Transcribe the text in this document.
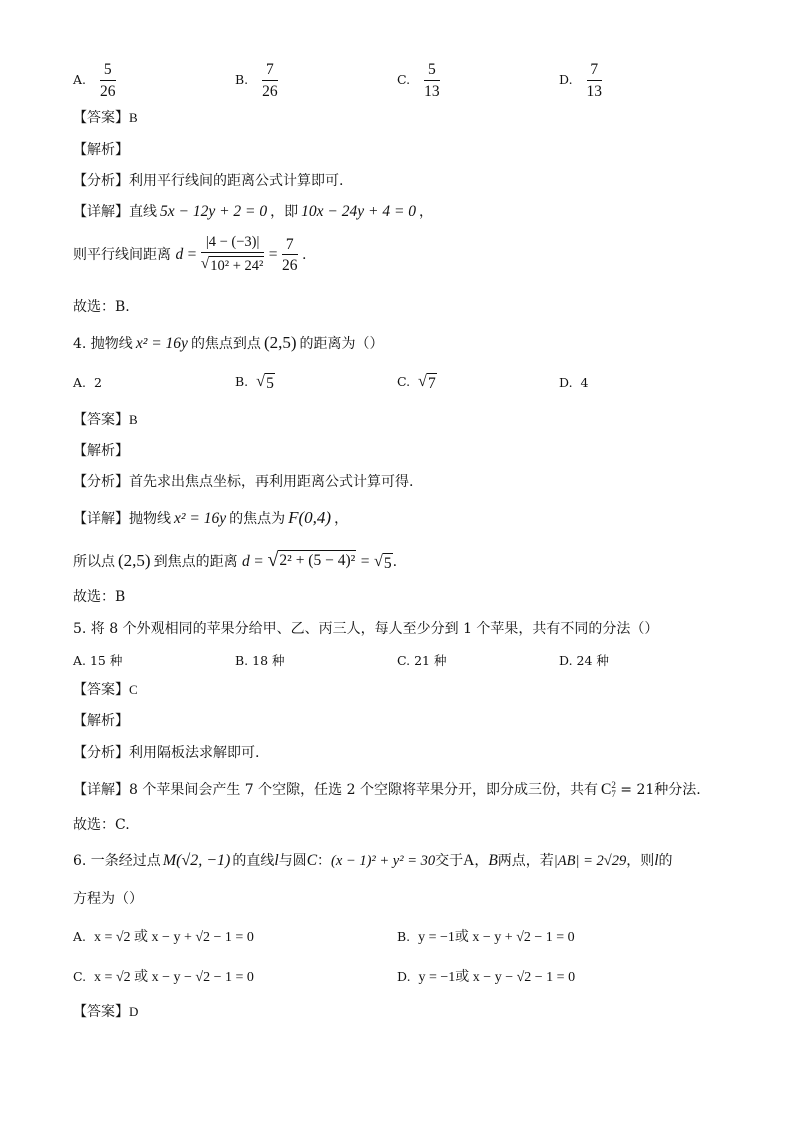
A. $\frac{5}{26}$	B. $\frac{7}{26}$	C. $\frac{5}{13}$	D. $\frac{7}{13}$
【答案】B
【解析】
【分析】利用平行线间的距离公式计算即可.
【详解】直线 5x − 12y + 2 = 0 ，即 10x − 24y + 4 = 0 ，
则平行线间距离 $d = \frac{|4 - (-3)|}{\text{√ 10² + 24²}} = \frac{7}{26}$ .
故选：B.
4. 抛物线 x² = 16y 的焦点到点 (2,5) 的距离为（）
A. 2	B. √ 5	C. √ 7	D. 4
【答案】B
【解析】
【分析】首先求出焦点坐标，再利用距离公式计算可得.
【详解】抛物线 x² = 16y 的焦点为 F(0,4) ，
所以点 (2,5) 到焦点的距离 d = √ 2² + (5 − 4)² = √ 5 .
故选：B
5. 将 8 个外观相同的苹果分给甲、乙、丙三人，每人至少分到 1 个苹果，共有不同的分法（）
A. 15 种	B. 18 种	C. 21 种	D. 24 种
【答案】C
【解析】
【分析】利用隔板法求解即可.
【详解】8 个苹果间会产生 7 个空隙，任选 2 个空隙将苹果分开，即分成三份，共有 C 2
7 = 21种分法.
故选：C.
6. 一条经过点 M(√2, −1) 的直线l与圆C：(x − 1)² + y² = 30交于A，B两点，若|AB| = 2√29，则l的
方程为（）
A. x = √2 或 x − y + √2 − 1 = 0	B. y = −1或 x − y + √2 − 1 = 0
C. x = √2 或 x − y − √2 − 1 = 0	D. y = −1或 x − y − √2 − 1 = 0
【答案】D
